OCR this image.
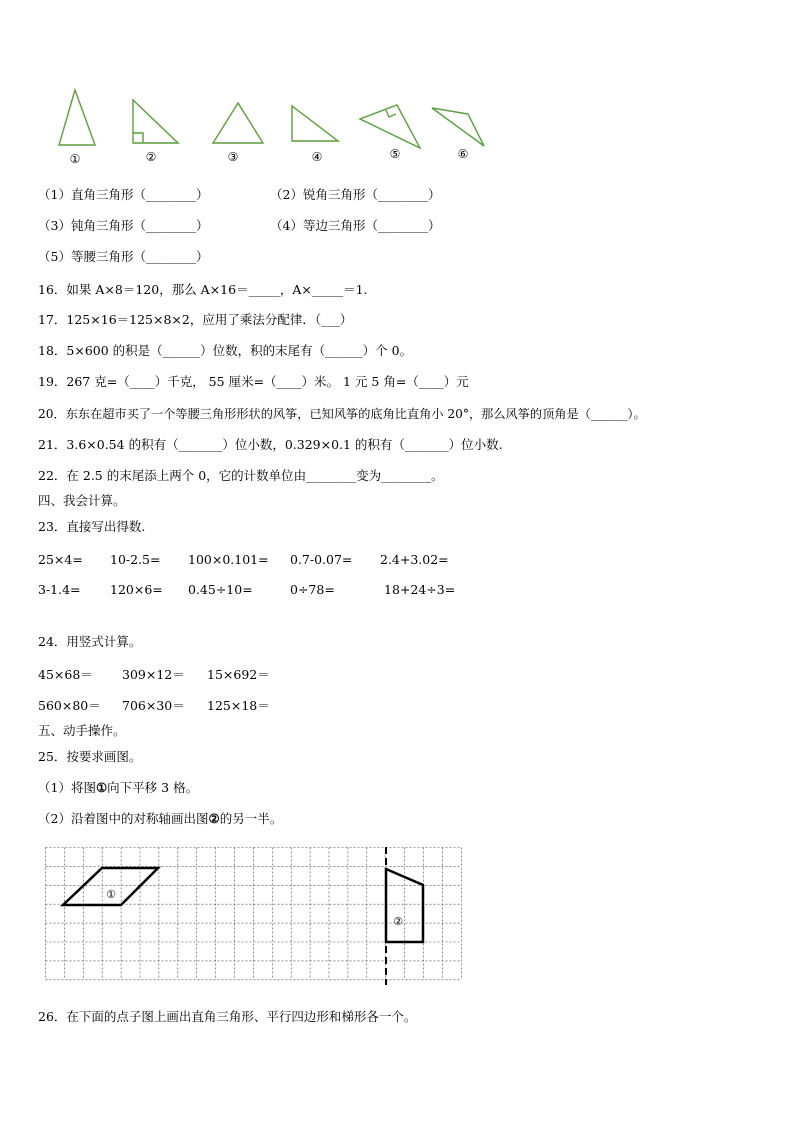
①	②	③	④	⑤	⑥
（1）直角三角形（________）	（2）锐角三角形（________）
（3）钝角三角形（________）	（4）等边三角形（________）
（5）等腰三角形（________）
16．如果 A×8＝120，那么 A×16＝_____，A×_____＝1.
17．125×16＝125×8×2，应用了乘法分配律．（___）
18．5×600 的积是（______）位数，积的末尾有（______）个 0。
19．267 克=（____）千克， 55 厘米=（____）米。 1 元 5 角=（____）元
20．东东在超市买了一个等腰三角形形状的风筝，已知风筝的底角比直角小 20°，那么风筝的顶角是（______）。
21．3.6×0.54 的积有（_______）位小数，0.329×0.1 的积有（_______）位小数.
22．在 2.5 的末尾添上两个 0，它的计数单位由________变为________。
四、我会计算。
23．直接写出得数.
25×4= 10-2.5= 100×0.101= 0.7-0.07= 2.4+3.02=
3-1.4= 120×6= 0.45÷10=	0÷78=	18+24÷3=
24．用竖式计算。
45×68＝ 309×12＝ 15×692＝
560×80＝ 706×30＝ 125×18＝
五、动手操作。
25．按要求画图。
（1）将图①向下平移 3 格。
（2）沿着图中的对称轴画出图②的另一半。
①
②
26．在下面的点子图上画出直角三角形、平行四边形和梯形各一个。
